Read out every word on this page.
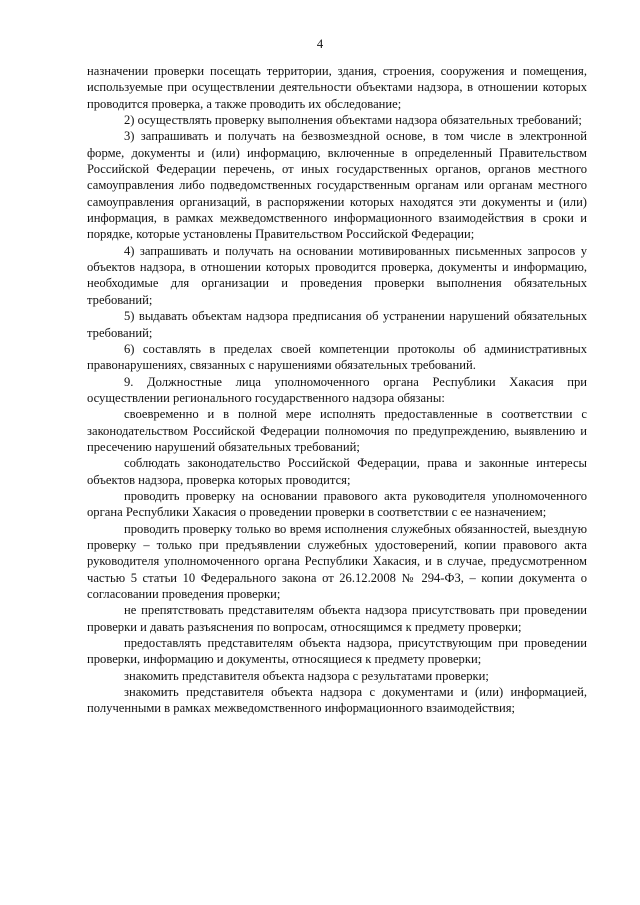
4

назначении проверки посещать территории, здания, строения, сооружения и помещения, используемые при осуществлении деятельности объектами надзора, в отношении которых проводится проверка, а также проводить их обследование;

2) осуществлять проверку выполнения объектами надзора обязательных требований;

3) запрашивать и получать на безвозмездной основе, в том числе в электронной форме, документы и (или) информацию, включенные в определенный Правительством Российской Федерации перечень, от иных государственных органов, органов местного самоуправления либо подведомственных государственным органам или органам местного самоуправления организаций, в распоряжении которых находятся эти документы и (или) информация, в рамках межведомственного информационного взаимодействия в сроки и порядке, которые установлены Правительством Российской Федерации;

4) запрашивать и получать на основании мотивированных письменных запросов у объектов надзора, в отношении которых проводится проверка, документы и информацию, необходимые для организации и проведения проверки выполнения обязательных требований;

5) выдавать объектам надзора предписания об устранении нарушений обязательных требований;

6) составлять в пределах своей компетенции протоколы об административных правонарушениях, связанных с нарушениями обязательных требований.

9. Должностные лица уполномоченного органа Республики Хакасия при осуществлении регионального государственного надзора обязаны:

своевременно и в полной мере исполнять предоставленные в соответствии с законодательством Российской Федерации полномочия по предупреждению, выявлению и пресечению нарушений обязательных требований;

соблюдать законодательство Российской Федерации, права и законные интересы объектов надзора, проверка которых проводится;

проводить проверку на основании правового акта руководителя уполномоченного органа Республики Хакасия о проведении проверки в соответствии с ее назначением;

проводить проверку только во время исполнения служебных обязанностей, выездную проверку – только при предъявлении служебных удостоверений, копии правового акта руководителя уполномоченного органа Республики Хакасия, и в случае, предусмотренном частью 5 статьи 10 Федерального закона от 26.12.2008 № 294-ФЗ, – копии документа о согласовании проведения проверки;

не препятствовать представителям объекта надзора присутствовать при проведении проверки и давать разъяснения по вопросам, относящимся к предмету проверки;

предоставлять представителям объекта надзора, присутствующим при проведении проверки, информацию и документы, относящиеся к предмету проверки;

знакомить представителя объекта надзора с результатами проверки;

знакомить представителя объекта надзора с документами и (или) информацией, полученными в рамках межведомственного информационного взаимодействия;
